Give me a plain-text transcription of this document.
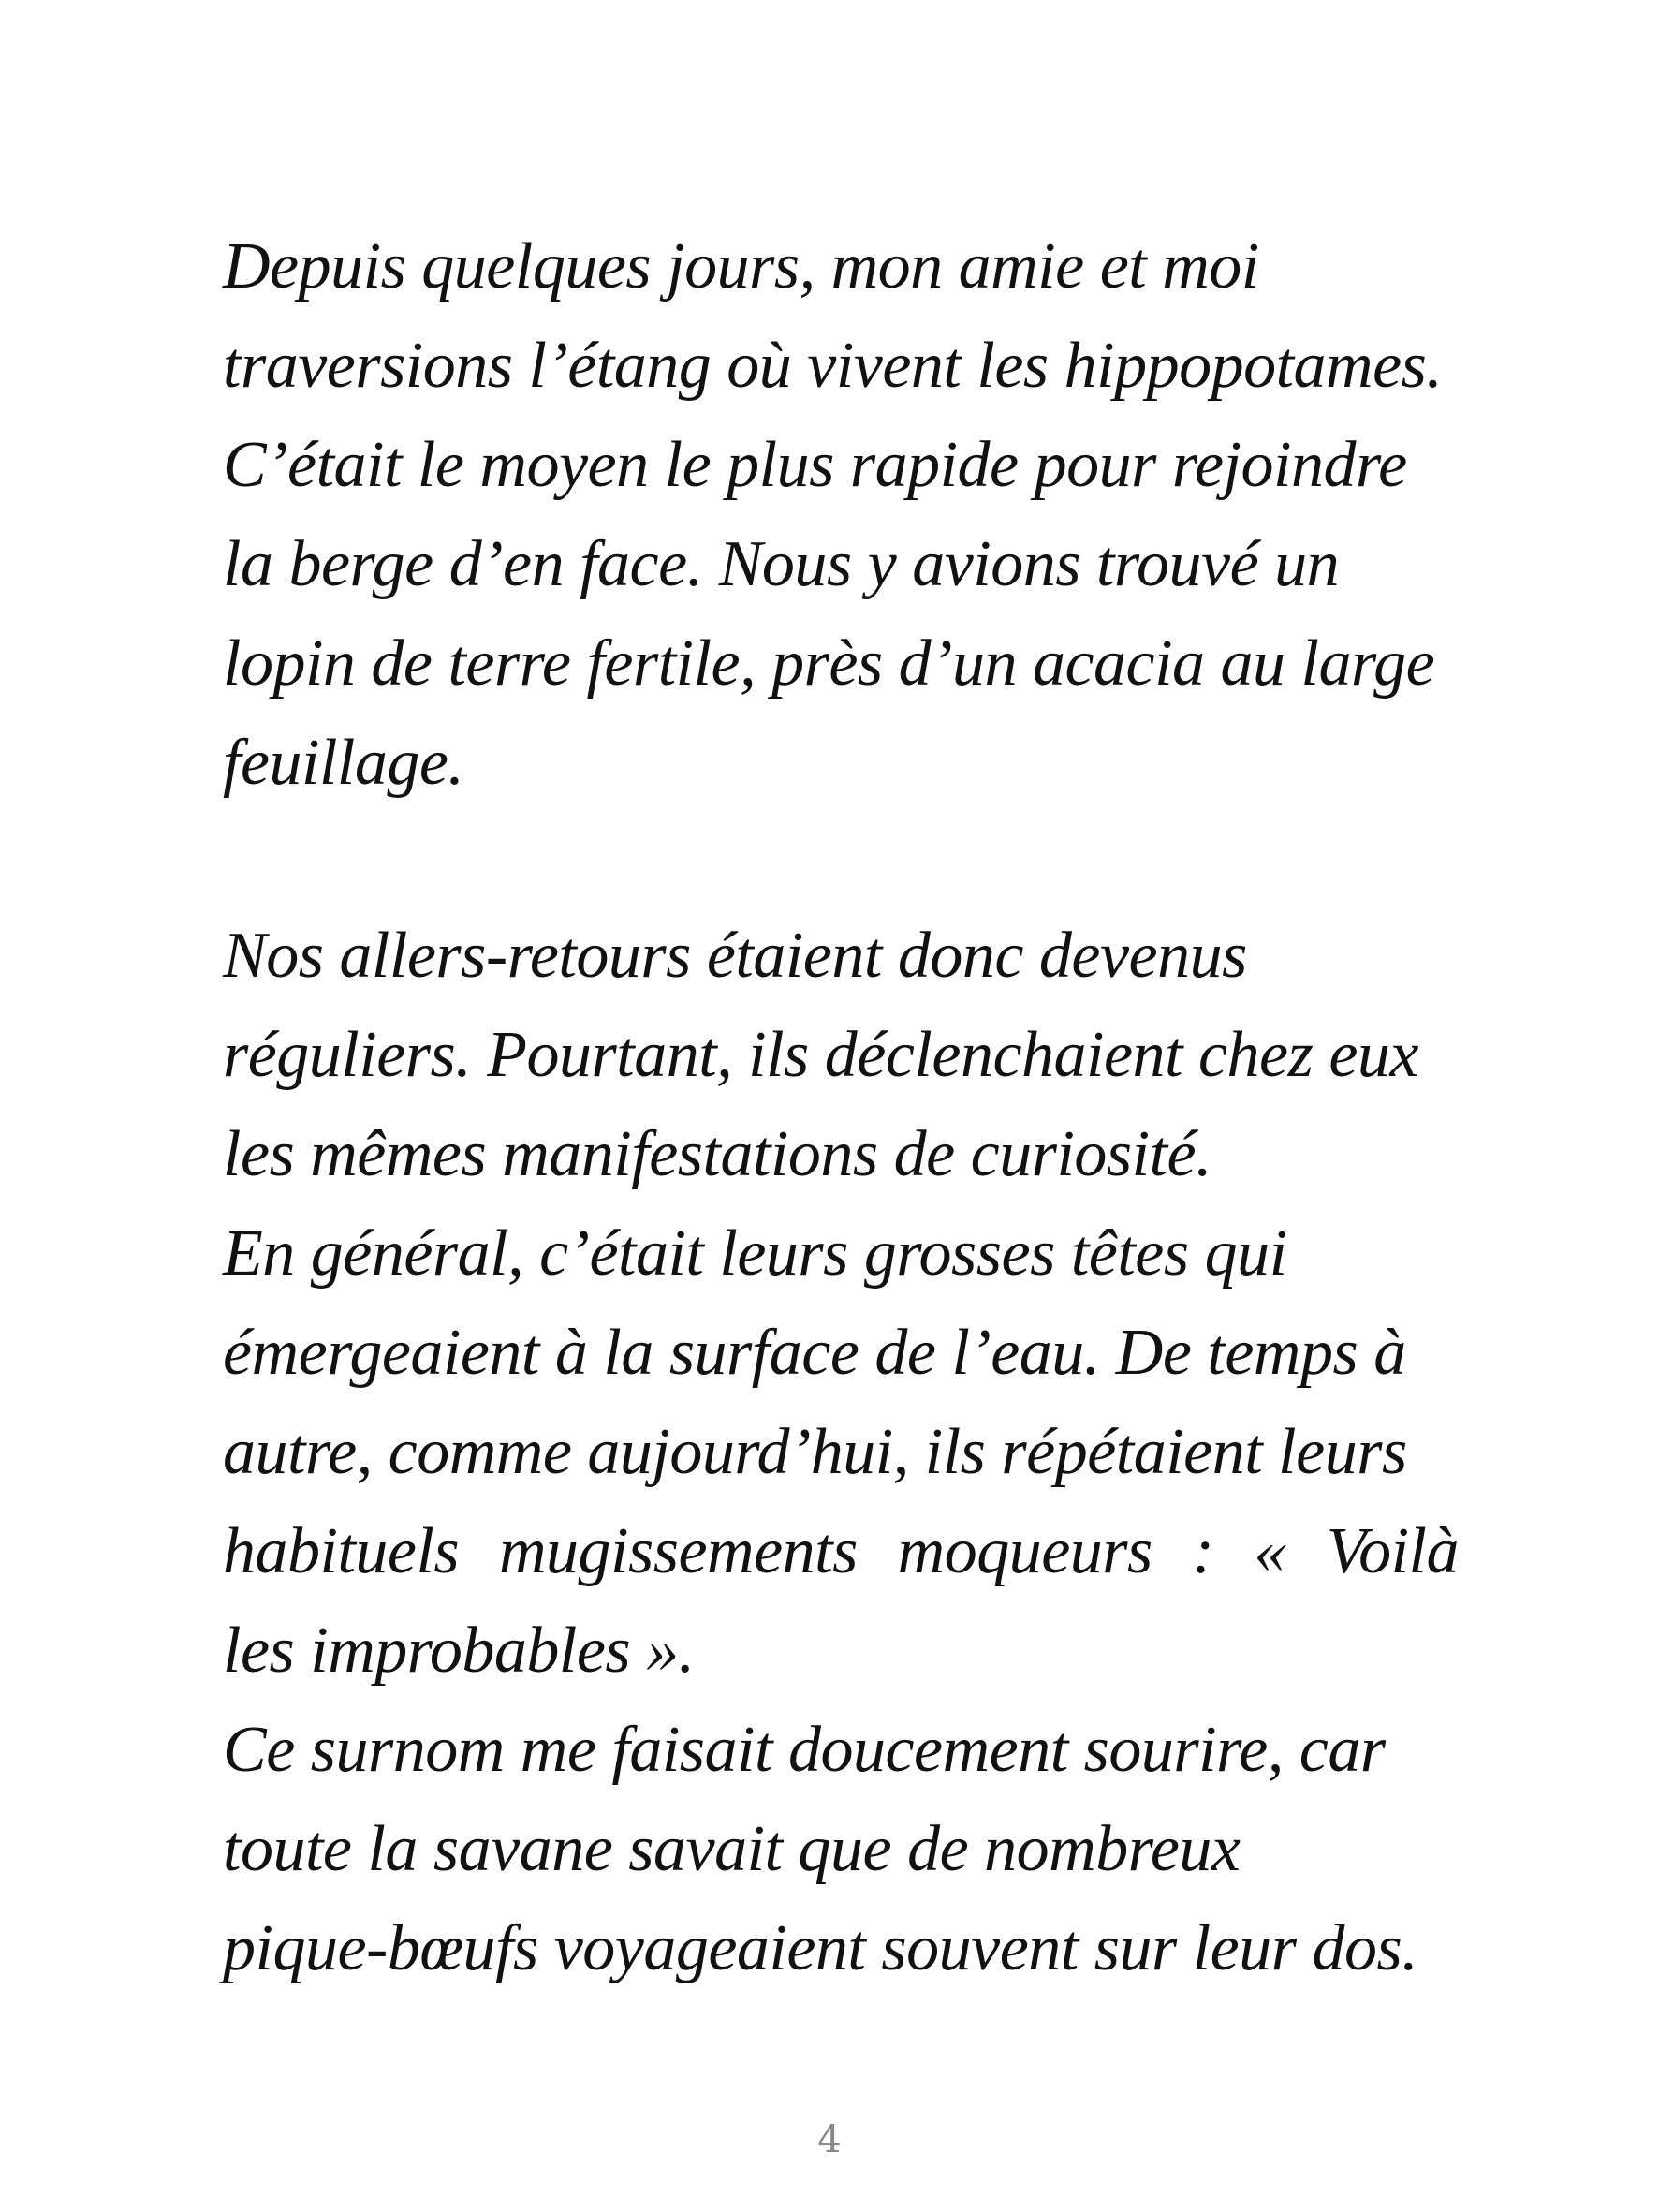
Depuis quelques jours, mon amie et moi
traversions l’étang où vivent les hippopotames.
C’était le moyen le plus rapide pour rejoindre
la berge d’en face. Nous y avions trouvé un
lopin de terre fertile, près d’un acacia au large
feuillage.
Nos allers-retours étaient donc devenus
réguliers. Pourtant, ils déclenchaient chez eux
les mêmes manifestations de curiosité.
En général, c’était leurs grosses têtes qui
émergeaient à la surface de l’eau. De temps à
autre, comme aujourd’hui, ils répétaient leurs
habituels mugissements moqueurs : « Voilà
les improbables ».
Ce surnom me faisait doucement sourire, car
toute la savane savait que de nombreux
pique-bœufs voyageaient souvent sur leur dos.
4
